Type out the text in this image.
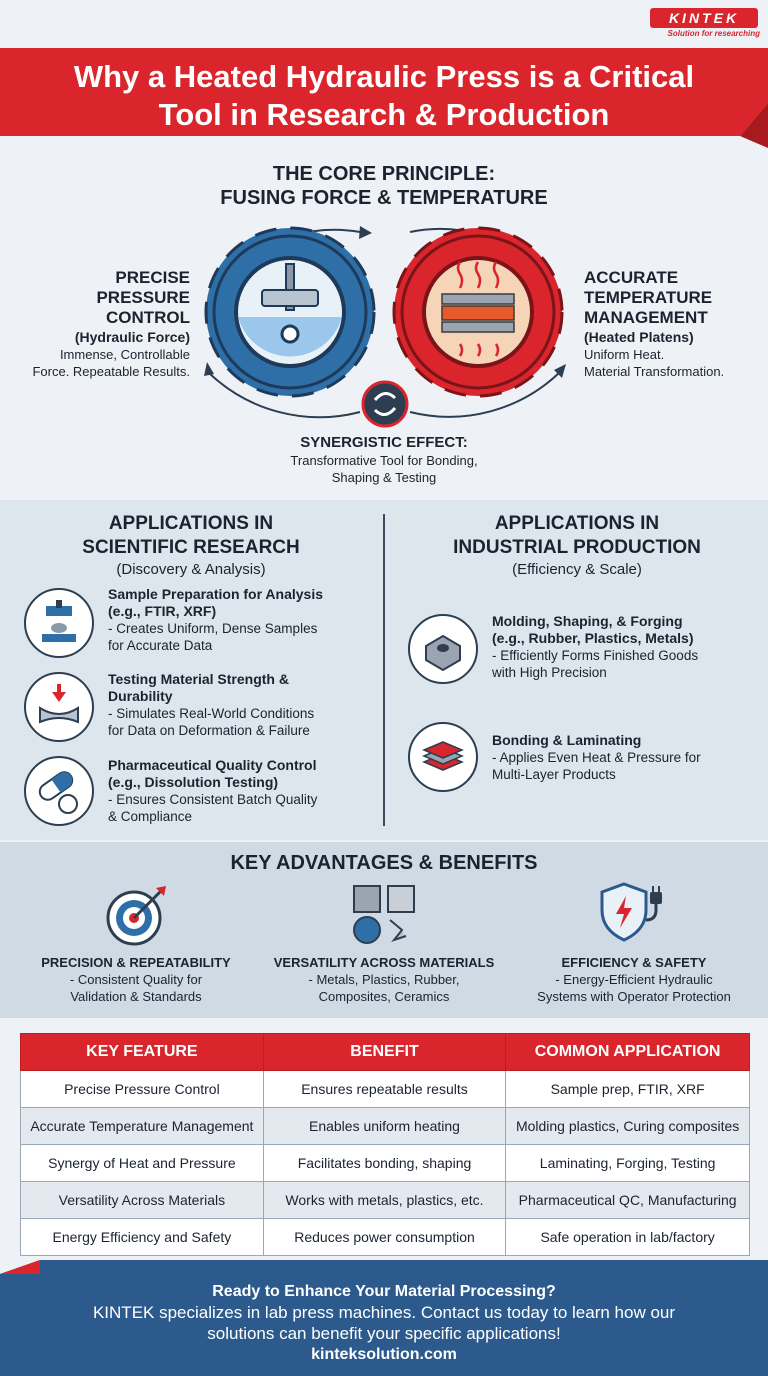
KINTEK
Solution for researching
Why a Heated Hydraulic Press is a Critical Tool in Research & Production
THE CORE PRINCIPLE:
FUSING FORCE & TEMPERATURE
PRECISE
PRESSURE
CONTROL
(Hydraulic Force)
Immense, Controllable
Force. Repeatable Results.
ACCURATE
TEMPERATURE
MANAGEMENT
(Heated Platens)
Uniform Heat.
Material Transformation.
SYNERGISTIC EFFECT:
Transformative Tool for Bonding,
Shaping & Testing
APPLICATIONS IN
SCIENTIFIC RESEARCH
(Discovery & Analysis)
APPLICATIONS IN
INDUSTRIAL PRODUCTION
(Efficiency & Scale)
Sample Preparation for Analysis
(e.g., FTIR, XRF)
- Creates Uniform, Dense Samples
for Accurate Data
Testing Material Strength &
Durability
- Simulates Real-World Conditions
for Data on Deformation & Failure
Pharmaceutical Quality Control
(e.g., Dissolution Testing)
- Ensures Consistent Batch Quality
& Compliance
Molding, Shaping, & Forging
(e.g., Rubber, Plastics, Metals)
- Efficiently Forms Finished Goods
with High Precision
Bonding & Laminating
- Applies Even Heat & Pressure for
Multi-Layer Products
KEY ADVANTAGES & BENEFITS
PRECISION & REPEATABILITY
- Consistent Quality for
Validation & Standards
VERSATILITY ACROSS MATERIALS
- Metals, Plastics, Rubber,
Composites, Ceramics
EFFICIENCY & SAFETY
- Energy-Efficient Hydraulic
Systems with Operator Protection
KEY FEATURE	BENEFIT	COMMON APPLICATION
Precise Pressure Control	Ensures repeatable results	Sample prep, FTIR, XRF
Accurate Temperature Management	Enables uniform heating	Molding plastics, Curing composites
Synergy of Heat and Pressure	Facilitates bonding, shaping	Laminating, Forging, Testing
Versatility Across Materials	Works with metals, plastics, etc.	Pharmaceutical QC, Manufacturing
Energy Efficiency and Safety	Reduces power consumption	Safe operation in lab/factory
Ready to Enhance Your Material Processing?
KINTEK specializes in lab press machines. Contact us today to learn how our
solutions can benefit your specific applications!
kinteksolution.com
